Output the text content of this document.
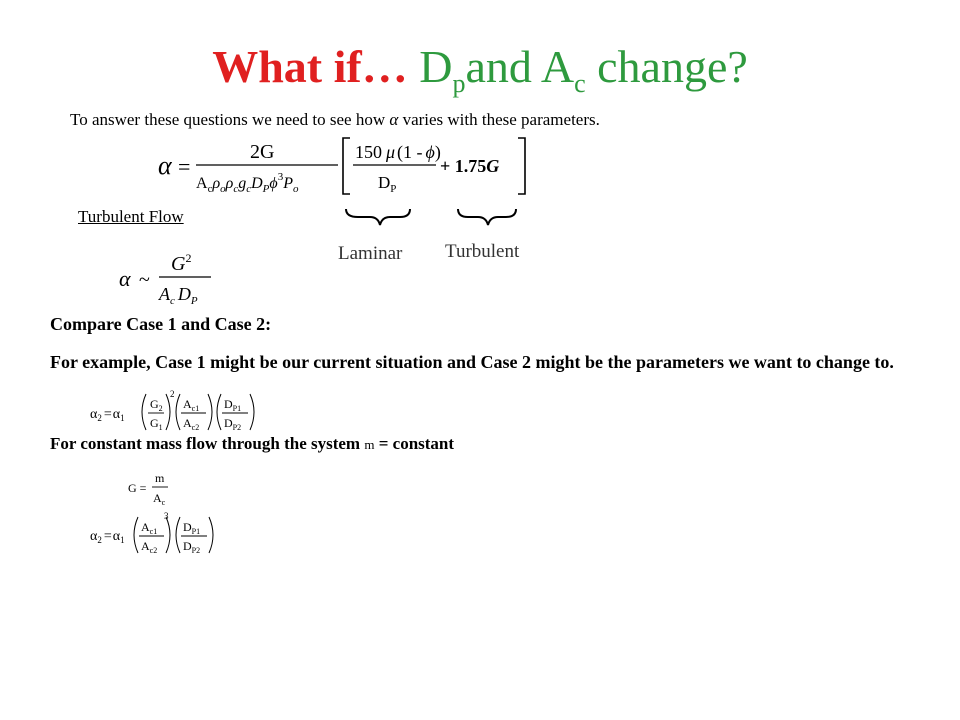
What if… $D_pand$ $A_c$ change?
To answer these questions we need to see how α varies with these parameters.
α =
2G
$A_c\rho_o\rho_cg_cD_P\phi^3P_o$
150 μ (1 - ϕ)
$D_P$
+ 1.75G
Laminar Turbulent
Turbulent Flow
α ~
$G^2$
$A_c$ $D_P$
Compare Case 1 and Case 2:
For example, Case 1 might be our current situation and Case 2 might be the parameters we want to change to.
$\alpha_2 =\alpha_1$
$G_2$
$G_1$
2
$A_{c1}$
$A_{c2}$
$D_{P1}$
$D_{P2}$
For constant mass flow through the system m = constant
G =
m
$A_c$
$\alpha_2 =\alpha_1$
$A_{c1}$
$A_{c2}$
3
$D_{P1}$
$D_{P2}$
